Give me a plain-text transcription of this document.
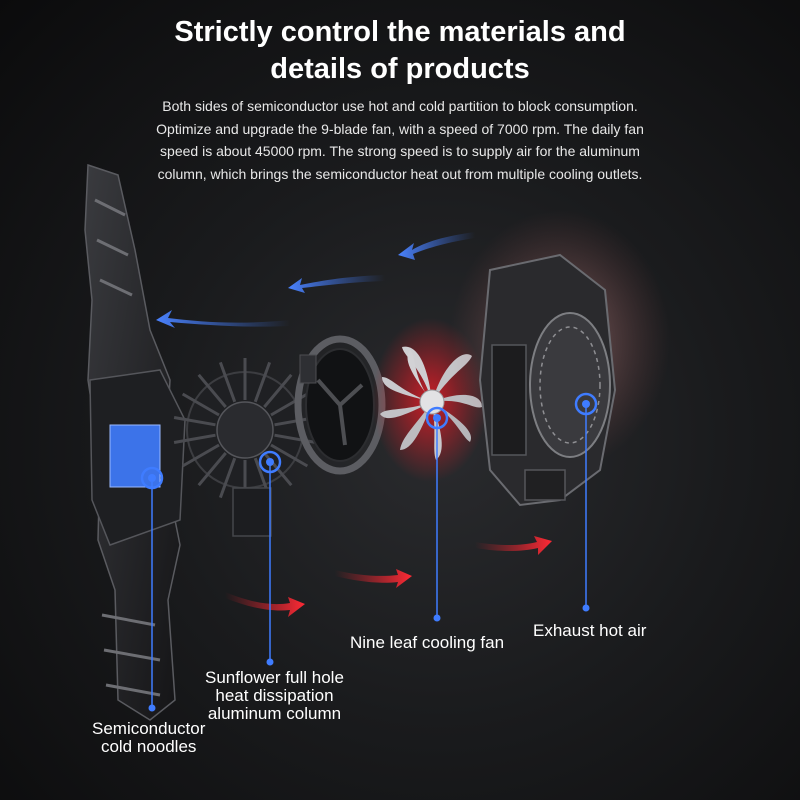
Strictly control the materials and
details of products
Both sides of semiconductor use hot and cold partition to block consumption.
Optimize and upgrade the 9-blade fan, with a speed of 7000 rpm. The daily fan
speed is about 45000 rpm. The strong speed is to supply air for the aluminum
column, which brings the semiconductor heat out from multiple cooling outlets.
Semiconductor
cold noodles
Sunflower full hole
heat dissipation
aluminum column
Nine leaf cooling fan
Exhaust hot air
